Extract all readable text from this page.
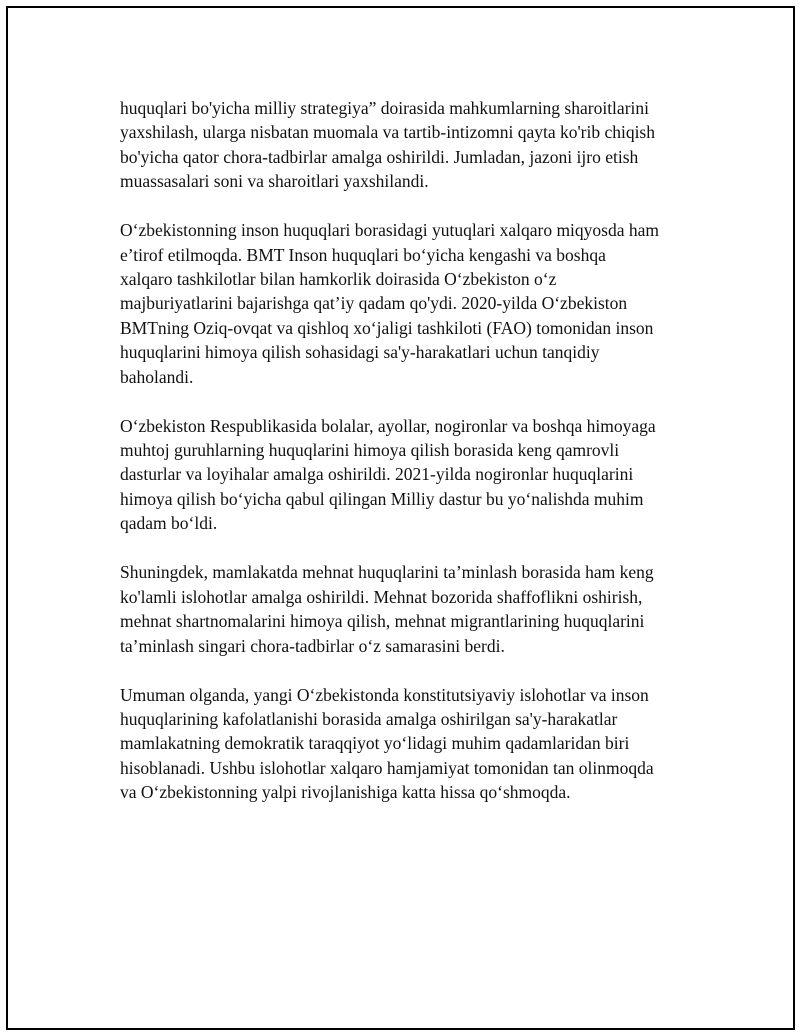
huquqlari bo'yicha milliy strategiya” doirasida mahkumlarning sharoitlarini
yaxshilash, ularga nisbatan muomala va tartib-intizomni qayta ko'rib chiqish
bo'yicha qator chora-tadbirlar amalga oshirildi. Jumladan, jazoni ijro etish
muassasalari soni va sharoitlari yaxshilandi.

O‘zbekistonning inson huquqlari borasidagi yutuqlari xalqaro miqyosda ham
e’tirof etilmoqda. BMT Inson huquqlari bo‘yicha kengashi va boshqa
xalqaro tashkilotlar bilan hamkorlik doirasida O‘zbekiston o‘z
majburiyatlarini bajarishga qat’iy qadam qo'ydi. 2020-yilda O‘zbekiston
BMTning Oziq-ovqat va qishloq xo‘jaligi tashkiloti (FAO) tomonidan inson
huquqlarini himoya qilish sohasidagi sa'y-harakatlari uchun tanqidiy
baholandi.

O‘zbekiston Respublikasida bolalar, ayollar, nogironlar va boshqa himoyaga
muhtoj guruhlarning huquqlarini himoya qilish borasida keng qamrovli
dasturlar va loyihalar amalga oshirildi. 2021-yilda nogironlar huquqlarini
himoya qilish bo‘yicha qabul qilingan Milliy dastur bu yo‘nalishda muhim
qadam bo‘ldi.

Shuningdek, mamlakatda mehnat huquqlarini ta’minlash borasida ham keng
ko'lamli islohotlar amalga oshirildi. Mehnat bozorida shaffoflikni oshirish,
mehnat shartnomalarini himoya qilish, mehnat migrantlarining huquqlarini
ta’minlash singari chora-tadbirlar o‘z samarasini berdi.

Umuman olganda, yangi O‘zbekistonda konstitutsiyaviy islohotlar va inson
huquqlarining kafolatlanishi borasida amalga oshirilgan sa'y-harakatlar
mamlakatning demokratik taraqqiyot yo‘lidagi muhim qadamlaridan biri
hisoblanadi. Ushbu islohotlar xalqaro hamjamiyat tomonidan tan olinmoqda
va O‘zbekistonning yalpi rivojlanishiga katta hissa qo‘shmoqda.
